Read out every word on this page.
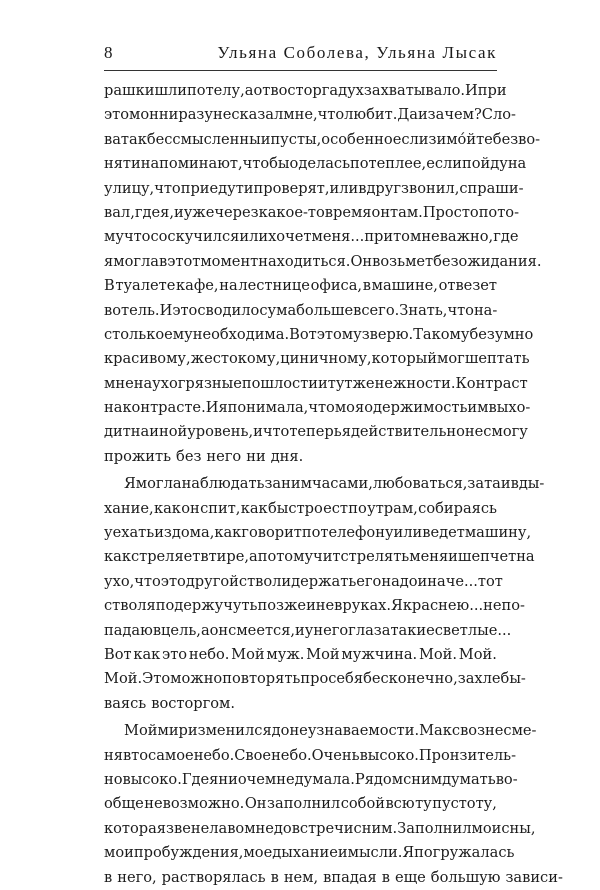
8	Ульяна Соболева, Ульяна Лысак
рашки шли по телу, а от восторга дух захватывало. И при
этом он ни разу не сказал мне, что любит. Да и зачем? Сло-
ва так бессмысленны и пусты, особенно если зимо́й тебе зво-
нят и напоминают, чтобы оделась потеплее, если пойду на
улицу, что приедут и проверят, или вдруг звонил, спраши-
вал, где я, и уже через какое-то время он там. Просто пото-
му что соскучился или хочет меня... притом не важно, где
я могла в этот момент находиться. Он возьмет без ожидания.
В туалете кафе, на лестнице офиса, в машине, отвезет
в отель. И это сводило с ума больше всего. Знать, что на-
столько ему необходима. Вот этому зверю. Такому безумно
красивому, жестокому, циничному, который мог шептать
мне на ухо грязные пошлости и тут же нежности. Контраст
на контрасте. И я понимала, что моя одержимость им выхо-
дит на иной уровень, и что теперь я действительно не смогу
прожить без него ни дня.
Я могла наблюдать за ним часами, любоваться, затаив ды-
хание, как он спит, как быстро ест по утрам, собираясь
уехать из дома, как говорит по телефону или ведет машину,
как стреляет в тире, а потом учит стрелять меня и шепчет на
ухо, что это другой ствол и держать его надо иначе... тот
ствол я подержу чуть позже и не в руках. Я краснею... не по-
падаю в цель, а он смеется, и у него глаза такие светлые...
Вот как это небо. Мой муж. Мой мужчина. Мой. Мой.
Мой. Это можно повторять про себя бесконечно, захлебы-
ваясь восторгом.
Мой мир изменился до неузнаваемости. Макс вознес ме-
ня в то самое небо. Свое небо. Очень высоко. Пронзитель-
но высоко. Где я ни о чем не думала. Рядом с ним думать во-
обще невозможно. Он заполнил собой всю ту пустоту,
которая звенела во мне до встречи с ним. Заполнил мои сны,
мои пробуждения, мое дыхание и мысли. Я погружалась
в него, растворялась в нем, впадая в еще большую зависи-
